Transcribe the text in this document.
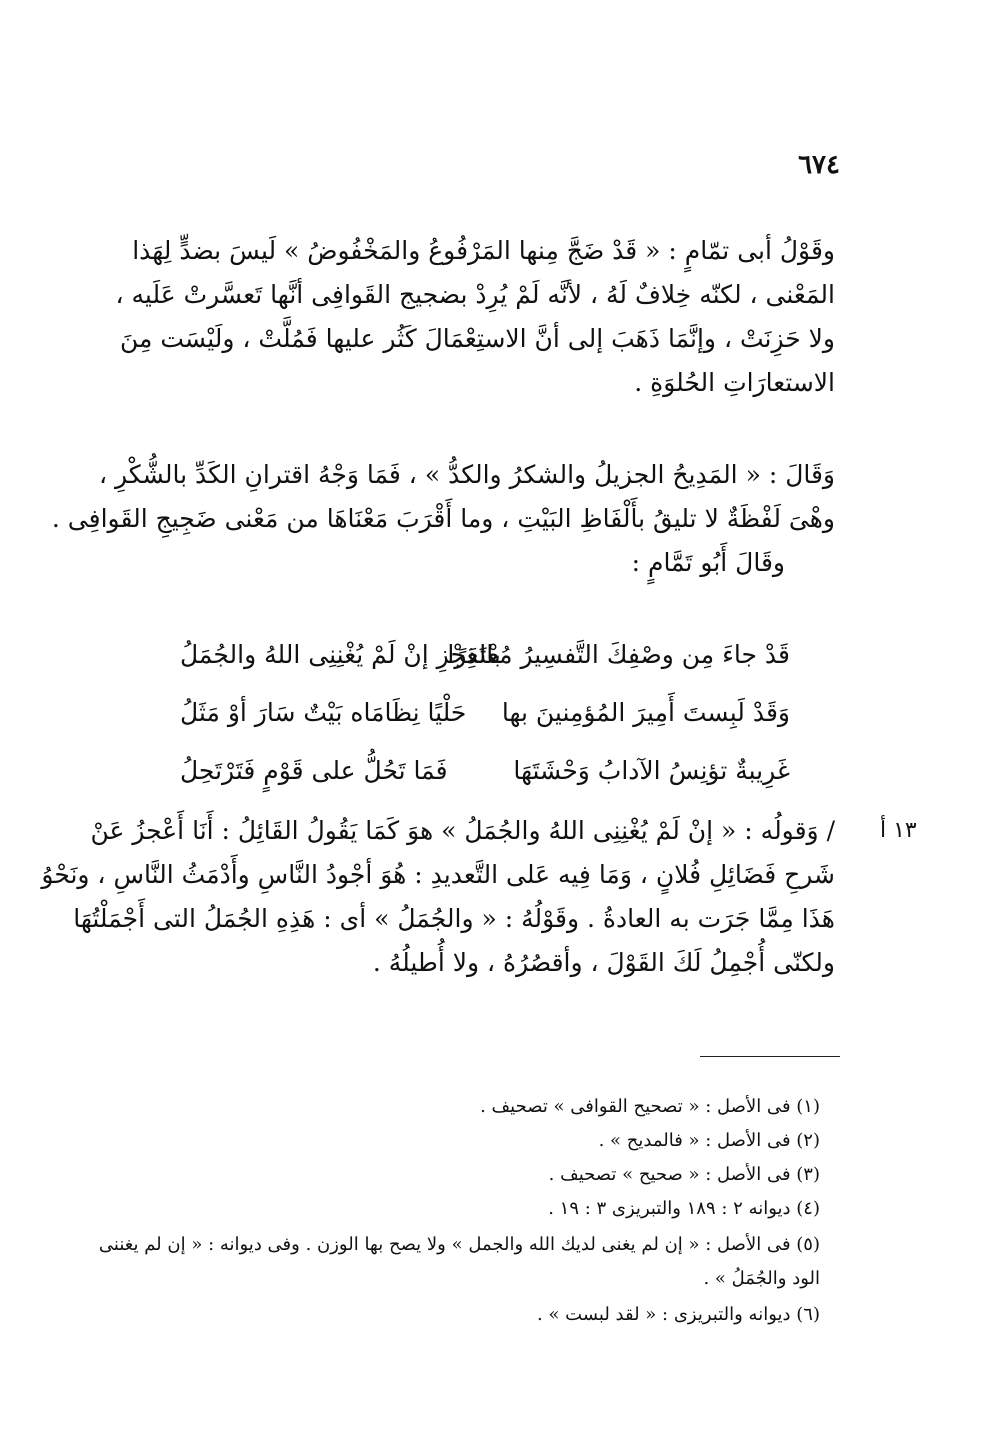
٦٧٤
وقَوْلُ أبى تمّامٍ : « قَدْ ضَجَّ مِنها المَرْفُوعُ والمَخْفُوضُ » لَيسَ بضدٍّ لِهَذا
المَعْنى ، لكنّه خِلافٌ لَهُ ، لأنَّه لَمْ يُرِدْ بضجيج القَوافِى أنَّها تَعسَّرتْ عَلَيه ،
ولا حَزِنَتْ ، وإنَّمَا ذَهَبَ إلى أنَّ الاستِعْمَالَ كَثُر عليها فَمُلَّتْ ، ولَيْسَت مِنَ
الاستعارَاتِ الحُلوَةِ .
وَقَالَ : « المَدِيحُ الجزيلُ والشكرُ والكدُّ » ، فَمَا وَجْهُ اقترانِ الكَدِّ بالشُّكْرِ ،
وهْىَ لَفْظَةٌ لا تليقُ بأَلْفَاظِ البَيْتِ ، وما أَقْرَبَ مَعْنَاهَا من مَعْنى ضَجِيجِ القَوافِى .
وقَالَ أَبُو تَمَّامٍ :
قَدْ جاءَ مِن وصْفِكَ التَّفسِيرُ مُعْتَذِرًا
بالعَجْزِ إنْ لَمْ يُغْنِنِى اللهُ والجُمَلُ
وَقَدْ لَبِستَ أَمِيرَ المُؤمِنينَ بها
حَلْيًا نِظَامَاه بَيْتٌ سَارَ أوْ مَثَلُ
غَرِيبةٌ تؤنِسُ الآدابُ وَحْشَتَهَا
فَمَا تَحُلُّ على قَوْمٍ فَتَرْتَحِلُ
١٣ أ
/ وَقولُه : « إنْ لَمْ يُغْنِنِى اللهُ والجُمَلُ » هوَ كَمَا يَقُولُ القَائِلُ : أَنَا أَعْجزُ عَنْ
شَرحِ فَضَائِلِ فُلانٍ ، وَمَا فِيه عَلى التَّعديدِ : هُوَ أجْودُ النَّاسِ وأَدْمَثُ النَّاسِ ، ونَحْوُ
هَذَا مِمَّا جَرَت به العادةُ . وقَوْلُهُ : « والجُمَلُ » أى : هَذِهِ الجُمَلُ التى أَجْمَلْتُهَا
ولكنّى أُجْمِلُ لَكَ القَوْلَ ، وأقصُرُهُ ، ولا أُطيلُهُ .
(١) فى الأصل : « تصحيح القوافى » تصحيف .
(٢) فى الأصل : « فالمديح » .
(٣) فى الأصل : « صحيح » تصحيف .
(٤) ديوانه ٢ : ١٨٩ والتبريزى ٣ : ١٩ .
(٥) فى الأصل : « إن لم يغنى لديك الله والجمل » ولا يصح بها الوزن . وفى ديوانه : « إن لم يغننى
الود والجُمَلُ » .
(٦) ديوانه والتبريزى : « لقد لبست » .
